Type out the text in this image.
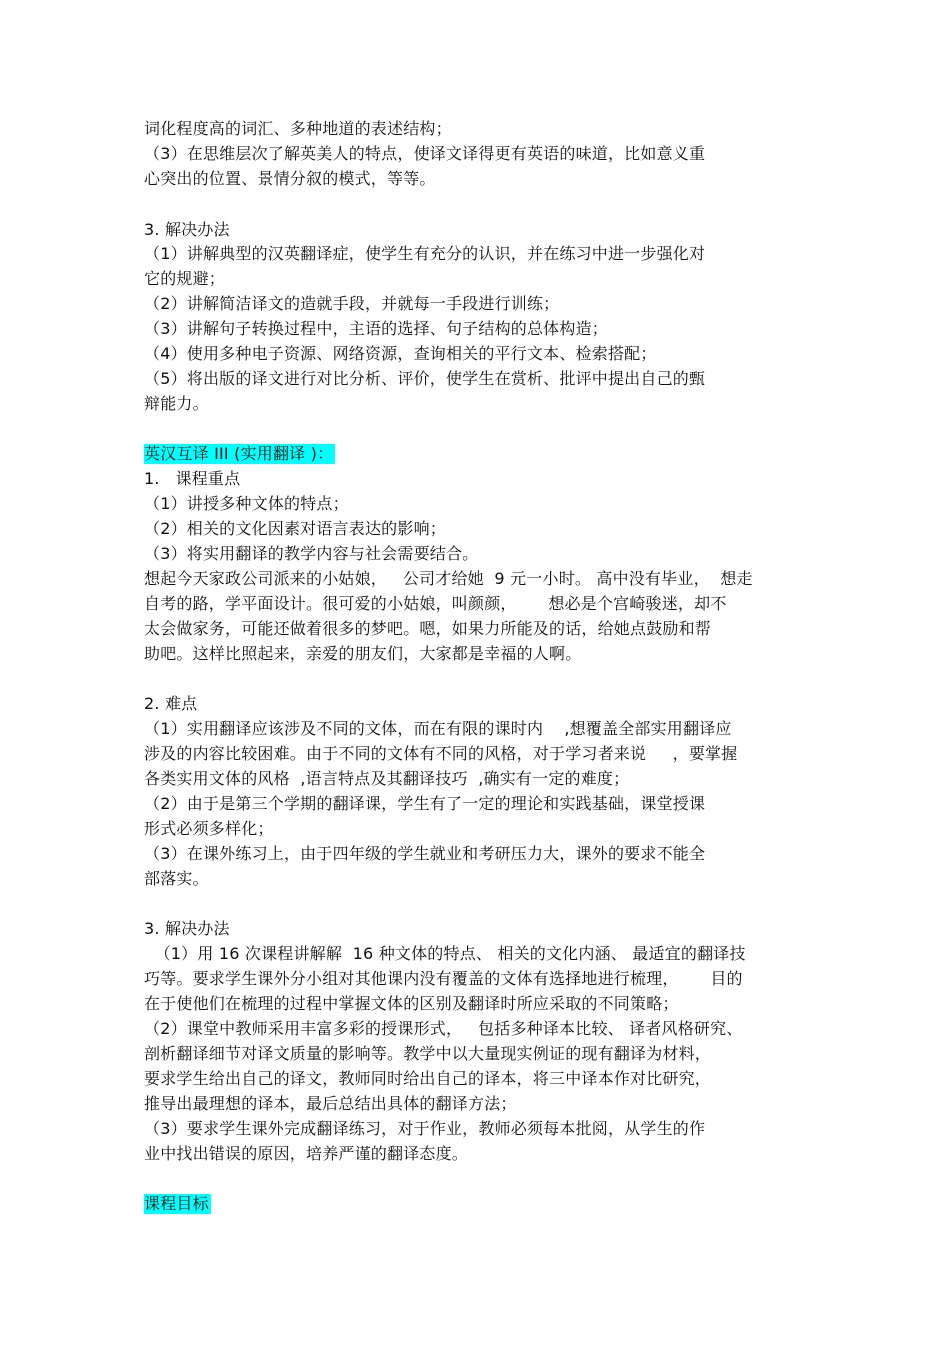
词化程度高的词汇、多种地道的表述结构；
（3）在思维层次了解英美人的特点，使译文译得更有英语的味道，比如意义重
心突出的位置、景情分叙的模式，等等。
3. 解决办法
（1）讲解典型的汉英翻译症，使学生有充分的认识，并在练习中进一步强化对
它的规避；
（2）讲解简洁译文的造就手段，并就每一手段进行训练；
（3）讲解句子转换过程中，主语的选择、句子结构的总体构造；
（4）使用多种电子资源、网络资源，查询相关的平行文本、检索搭配；
（5）将出版的译文进行对比分析、评价，使学生在赏析、批评中提出自己的甄
辩能力。
英汉互译 III (实用翻译 )：
1.   课程重点
（1）讲授多种文体的特点；
（2）相关的文化因素对语言表达的影响；
（3）将实用翻译的教学内容与社会需要结合。
想起今天家政公司派来的小姑娘，   公司才给她  9 元一小时。 高中没有毕业，  想走
自考的路，学平面设计。很可爱的小姑娘，叫颜颜，      想必是个宫崎骏迷，却不
太会做家务，可能还做着很多的梦吧。嗯，如果力所能及的话，给她点鼓励和帮
助吧。这样比照起来，亲爱的朋友们，大家都是幸福的人啊。
2. 难点
（1）实用翻译应该涉及不同的文体，而在有限的课时内    ,想覆盖全部实用翻译应
涉及的内容比较困难。由于不同的文体有不同的风格，对于学习者来说     ，要掌握
各类实用文体的风格  ,语言特点及其翻译技巧  ,确实有一定的难度；
（2）由于是第三个学期的翻译课，学生有了一定的理论和实践基础，课堂授课
形式必须多样化；
（3）在课外练习上，由于四年级的学生就业和考研压力大，课外的要求不能全
部落实。
3. 解决办法
（1）用 16 次课程讲解解  16 种文体的特点、 相关的文化内涵、 最适宜的翻译技
巧等。要求学生课外分小组对其他课内没有覆盖的文体有选择地进行梳理，      目的
在于使他们在梳理的过程中掌握文体的区别及翻译时所应采取的不同策略；
（2）课堂中教师采用丰富多彩的授课形式，   包括多种译本比较、 译者风格研究、
剖析翻译细节对译文质量的影响等。教学中以大量现实例证的现有翻译为材料，
要求学生给出自己的译文，教师同时给出自己的译本，将三中译本作对比研究，
推导出最理想的译本，最后总结出具体的翻译方法；
（3）要求学生课外完成翻译练习，对于作业，教师必须每本批阅，从学生的作
业中找出错误的原因，培养严谨的翻译态度。
课程目标
